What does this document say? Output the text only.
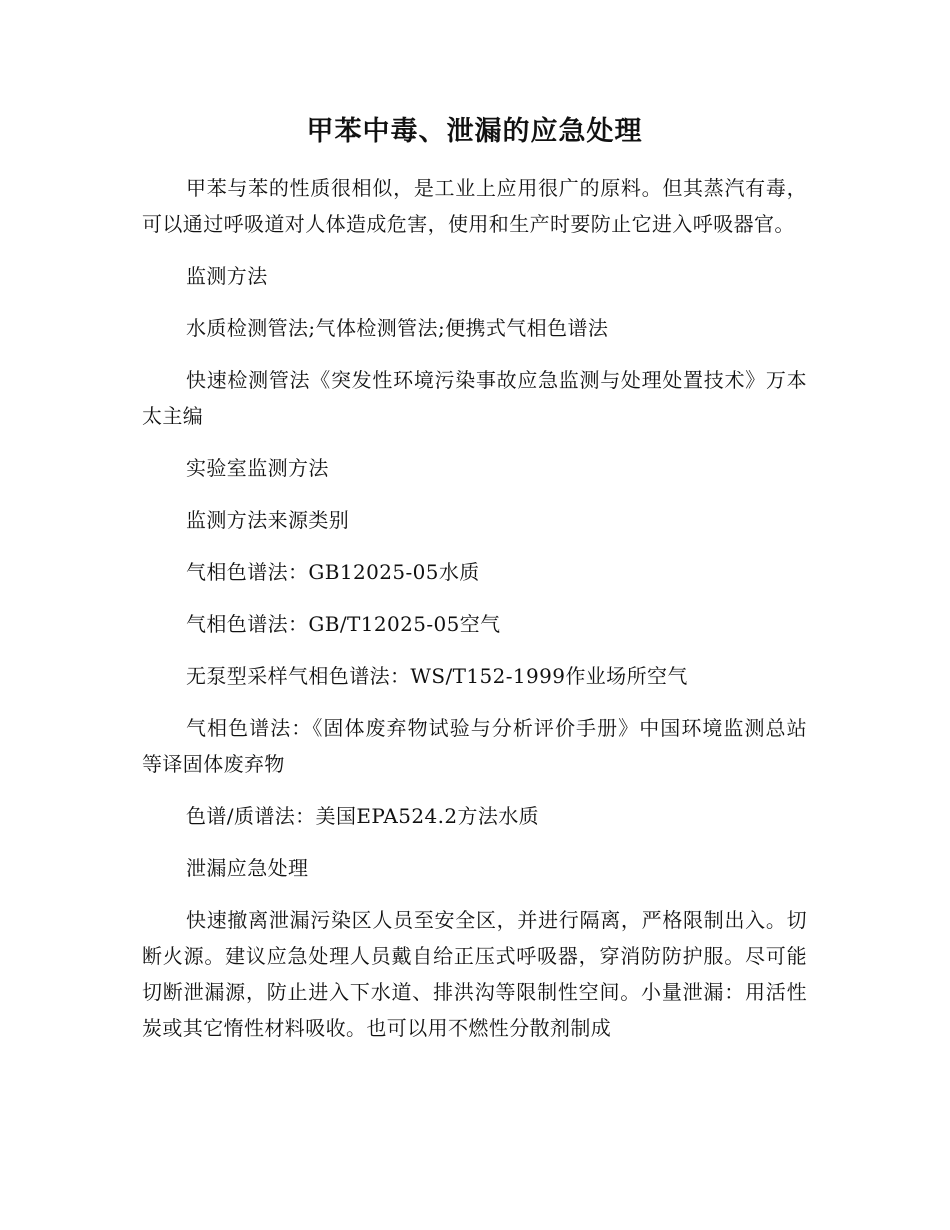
甲苯中毒、泄漏的应急处理

甲苯与苯的性质很相似，是工业上应用很广的原料。但其蒸汽有毒，可以通过呼吸道对人体造成危害，使用和生产时要防止它进入呼吸器官。

监测方法

水质检测管法;气体检测管法;便携式气相色谱法

快速检测管法《突发性环境污染事故应急监测与处理处置技术》万本太主编

实验室监测方法

监测方法来源类别

气相色谱法：GB12025-05水质

气相色谱法：GB/T12025-05空气

无泵型采样气相色谱法：WS/T152-1999作业场所空气

气相色谱法：《固体废弃物试验与分析评价手册》中国环境监测总站等译固体废弃物

色谱/质谱法：美国EPA524.2方法水质

泄漏应急处理

快速撤离泄漏污染区人员至安全区，并进行隔离，严格限制出入。切断火源。建议应急处理人员戴自给正压式呼吸器，穿消防防护服。尽可能切断泄漏源，防止进入下水道、排洪沟等限制性空间。小量泄漏：用活性炭或其它惰性材料吸收。也可以用不燃性分散剂制成
